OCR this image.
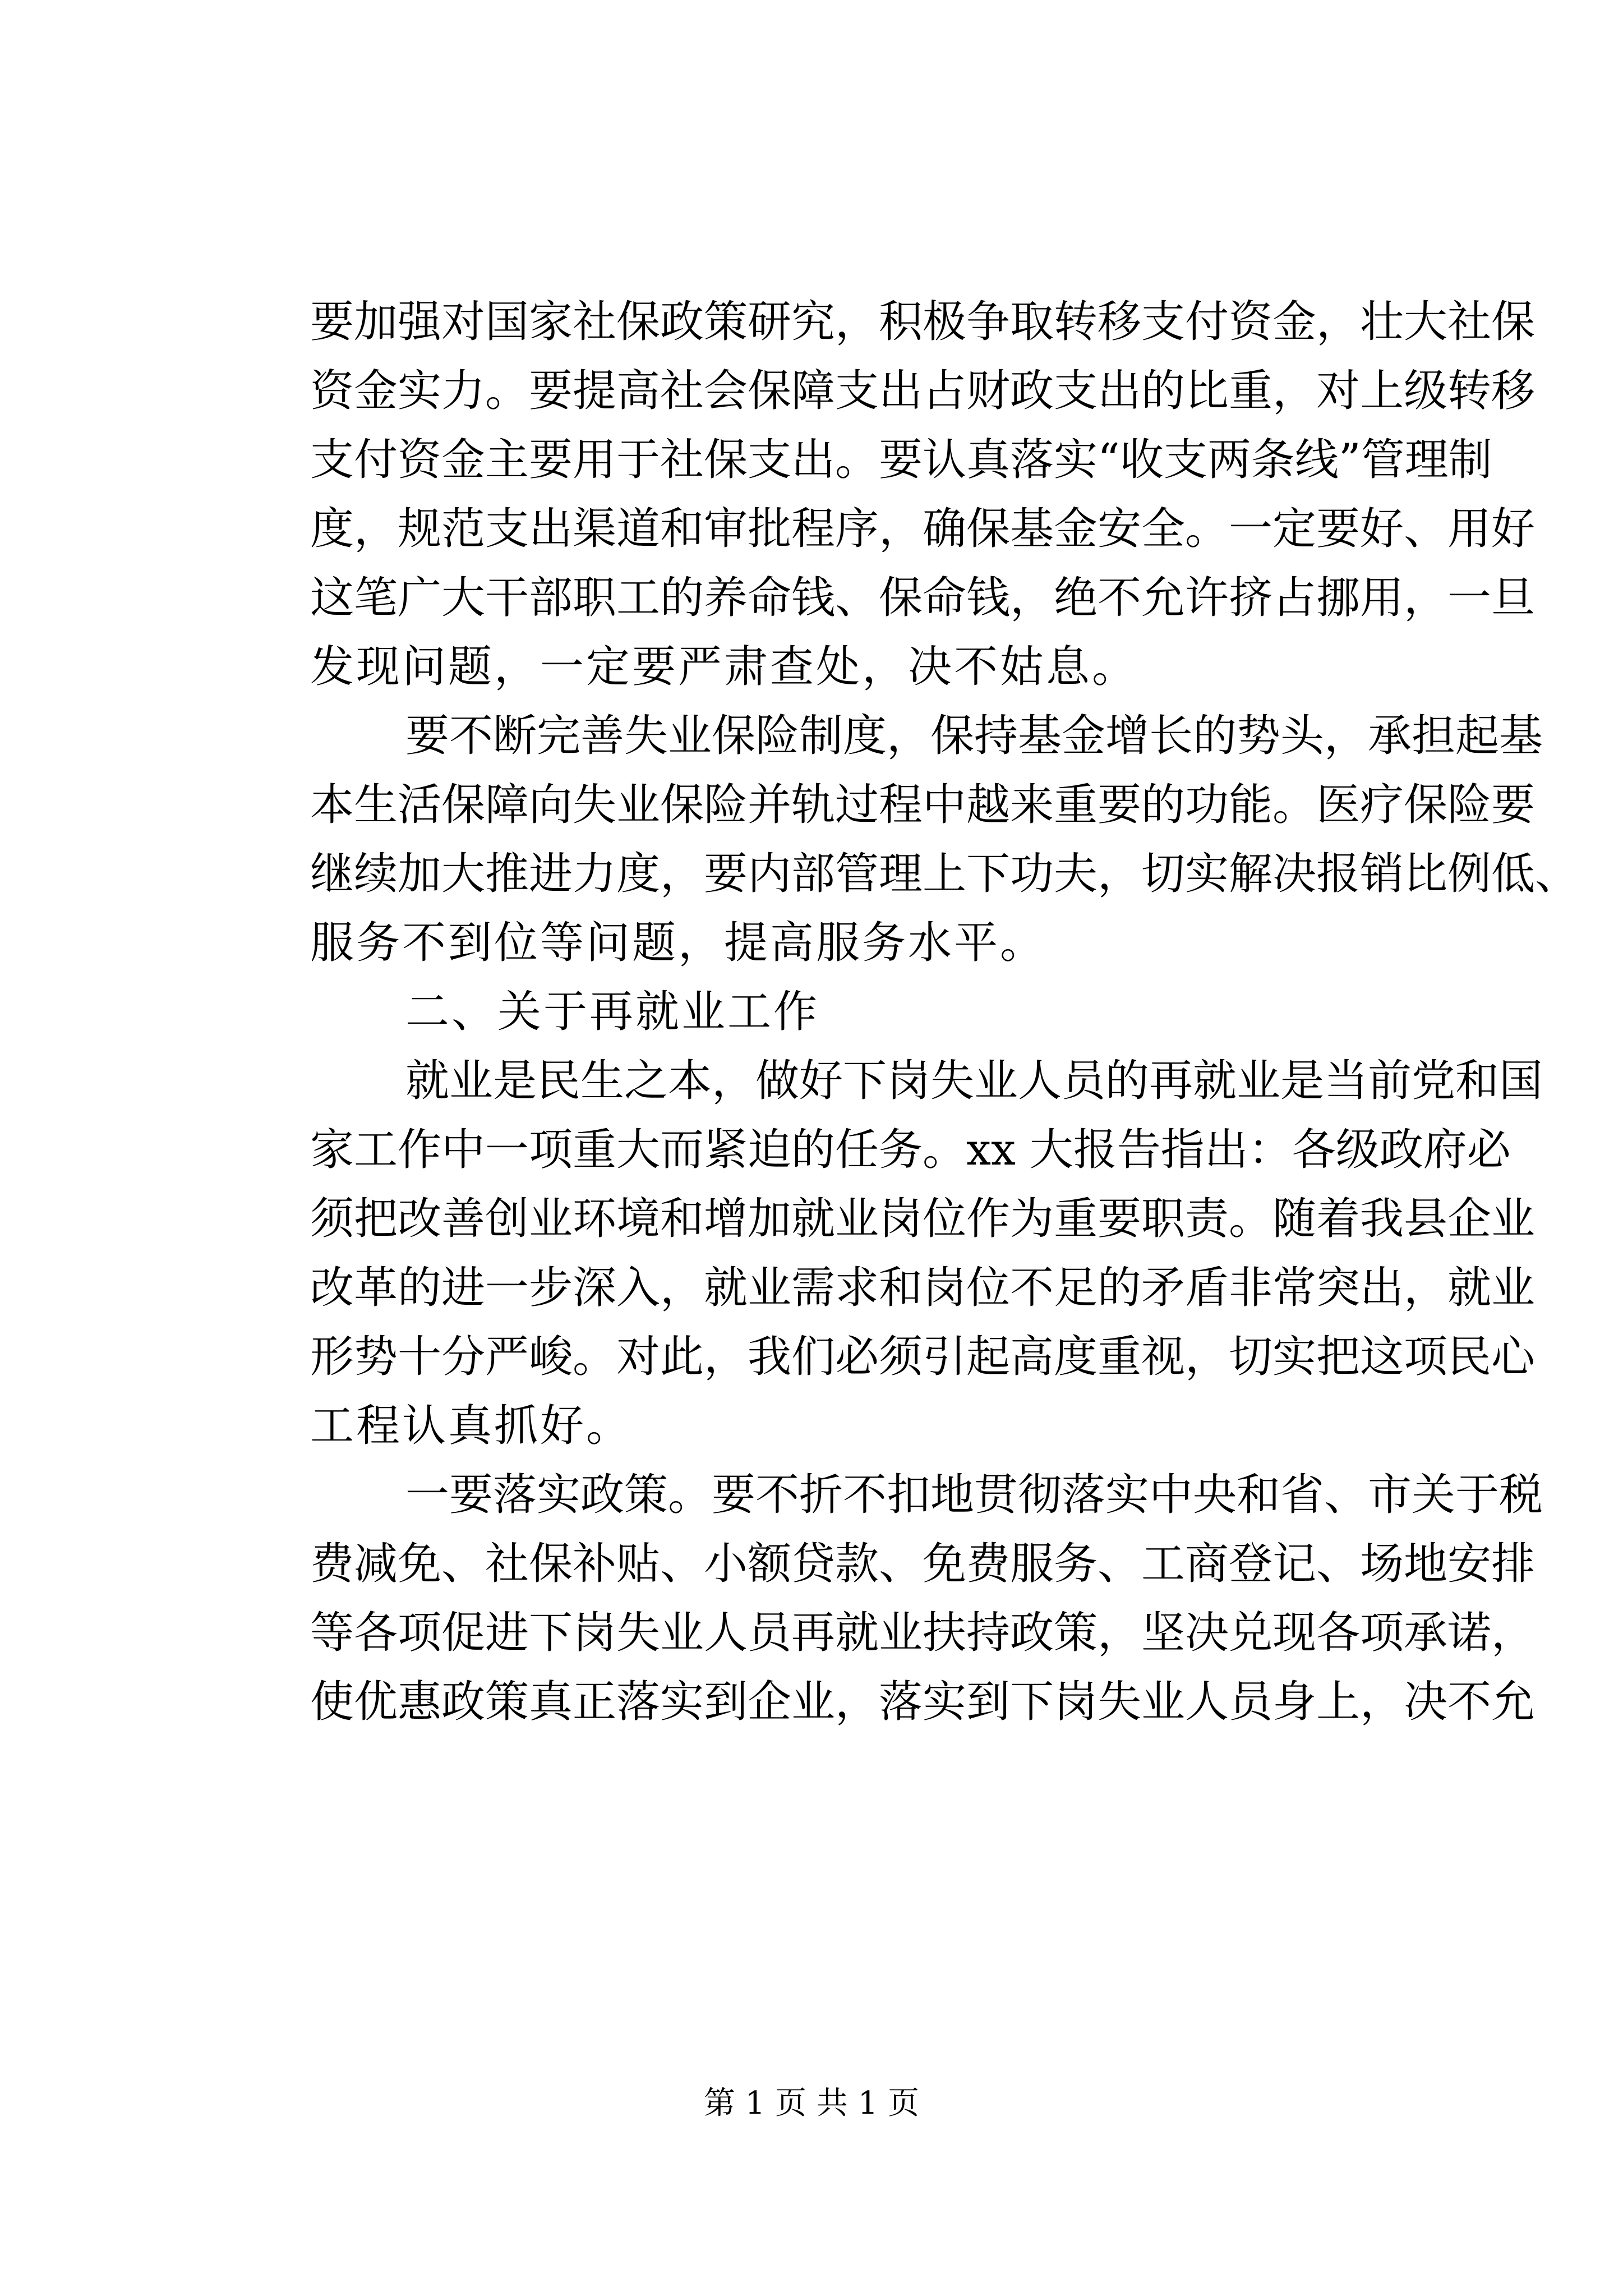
要加强对国家社保政策研究，积极争取转移支付资金，壮大社保
资金实力。要提高社会保障支出占财政支出的比重，对上级转移
支付资金主要用于社保支出。要认真落实“收支两条线”管理制
度，规范支出渠道和审批程序，确保基金安全。一定要好、用好
这笔广大干部职工的养命钱、保命钱，绝不允许挤占挪用，一旦
发现问题，一定要严肃查处，决不姑息。
要不断完善失业保险制度，保持基金增长的势头，承担起基
本生活保障向失业保险并轨过程中越来重要的功能。医疗保险要
继续加大推进力度，要内部管理上下功夫，切实解决报销比例低、
服务不到位等问题，提高服务水平。
二、关于再就业工作
就业是民生之本，做好下岗失业人员的再就业是当前党和国
家工作中一项重大而紧迫的任务。xx 大报告指出：各级政府必
须把改善创业环境和增加就业岗位作为重要职责。随着我县企业
改革的进一步深入，就业需求和岗位不足的矛盾非常突出，就业
形势十分严峻。对此，我们必须引起高度重视，切实把这项民心
工程认真抓好。
一要落实政策。要不折不扣地贯彻落实中央和省、市关于税
费减免、社保补贴、小额贷款、免费服务、工商登记、场地安排
等各项促进下岗失业人员再就业扶持政策，坚决兑现各项承诺，
使优惠政策真正落实到企业，落实到下岗失业人员身上，决不允
第 1 页 共 1 页
